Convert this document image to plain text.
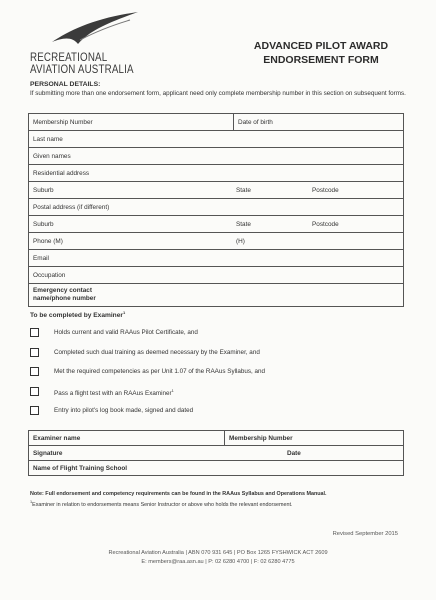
RECREATIONAL
AVIATION AUSTRALIA
ADVANCED PILOT AWARD
ENDORSEMENT FORM
PERSONAL DETAILS:
If submitting more than one endorsement form, applicant need only complete membership number in this section on subsequent forms.
Membership Number	Date of birth
Last name
Given names
Residential address
Suburb	State	Postcode

Postal address (if different)
Suburb	State	Postcode

Phone (M)	(H)

Email
Occupation

Emergency contact
name/phone number
To be completed by Examiner$^1$
Holds current and valid RAAus Pilot Certificate, and
Completed such dual training as deemed necessary by the Examiner, and
Met the required competencies as per Unit 1.07 of the RAAus Syllabus, and
Pass a flight test with an RAAus Examiner$^1$
Entry into pilot's log book made, signed and dated
Examiner name	Membership Number
Signature	Date

Name of Flight Training School
Note: Full endorsement and competency requirements can be found in the RAAus Syllabus and Operations Manual.
$^1$Examiner in relation to endorsements means Senior Instructor or above who holds the relevant endorsement.
Revised September 2015
Recreational Aviation Australia | ABN 070 931 645 | PO Box 1265 FYSHWICK ACT 2609
E: members@raa.asn.au | P: 02 6280 4700 | F: 02 6280 4775
